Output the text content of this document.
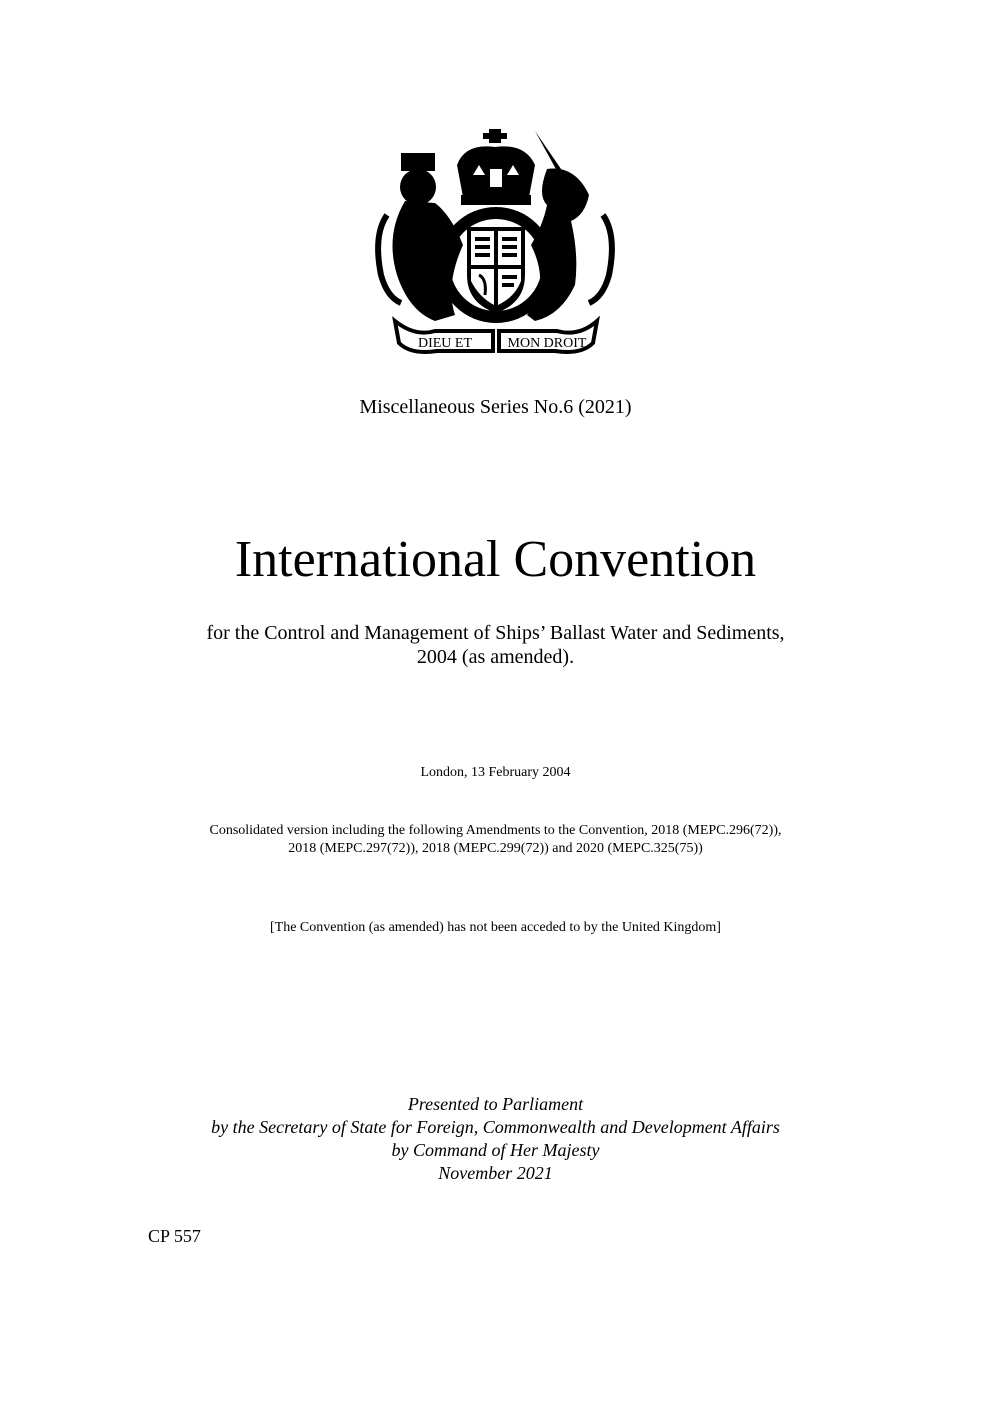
DIEU ET	MON DROIT
Miscellaneous Series No.6 (2021)
International Convention
for the Control and Management of Ships’ Ballast Water and Sediments,
2004 (as amended).
London, 13 February 2004
Consolidated version including the following Amendments to the Convention, 2018 (MEPC.296(72)),
2018 (MEPC.297(72)), 2018 (MEPC.299(72)) and 2020 (MEPC.325(75))
[The Convention (as amended) has not been acceded to by the United Kingdom]
Presented to Parliament
by the Secretary of State for Foreign, Commonwealth and Development Affairs
by Command of Her Majesty
November 2021
CP 557
